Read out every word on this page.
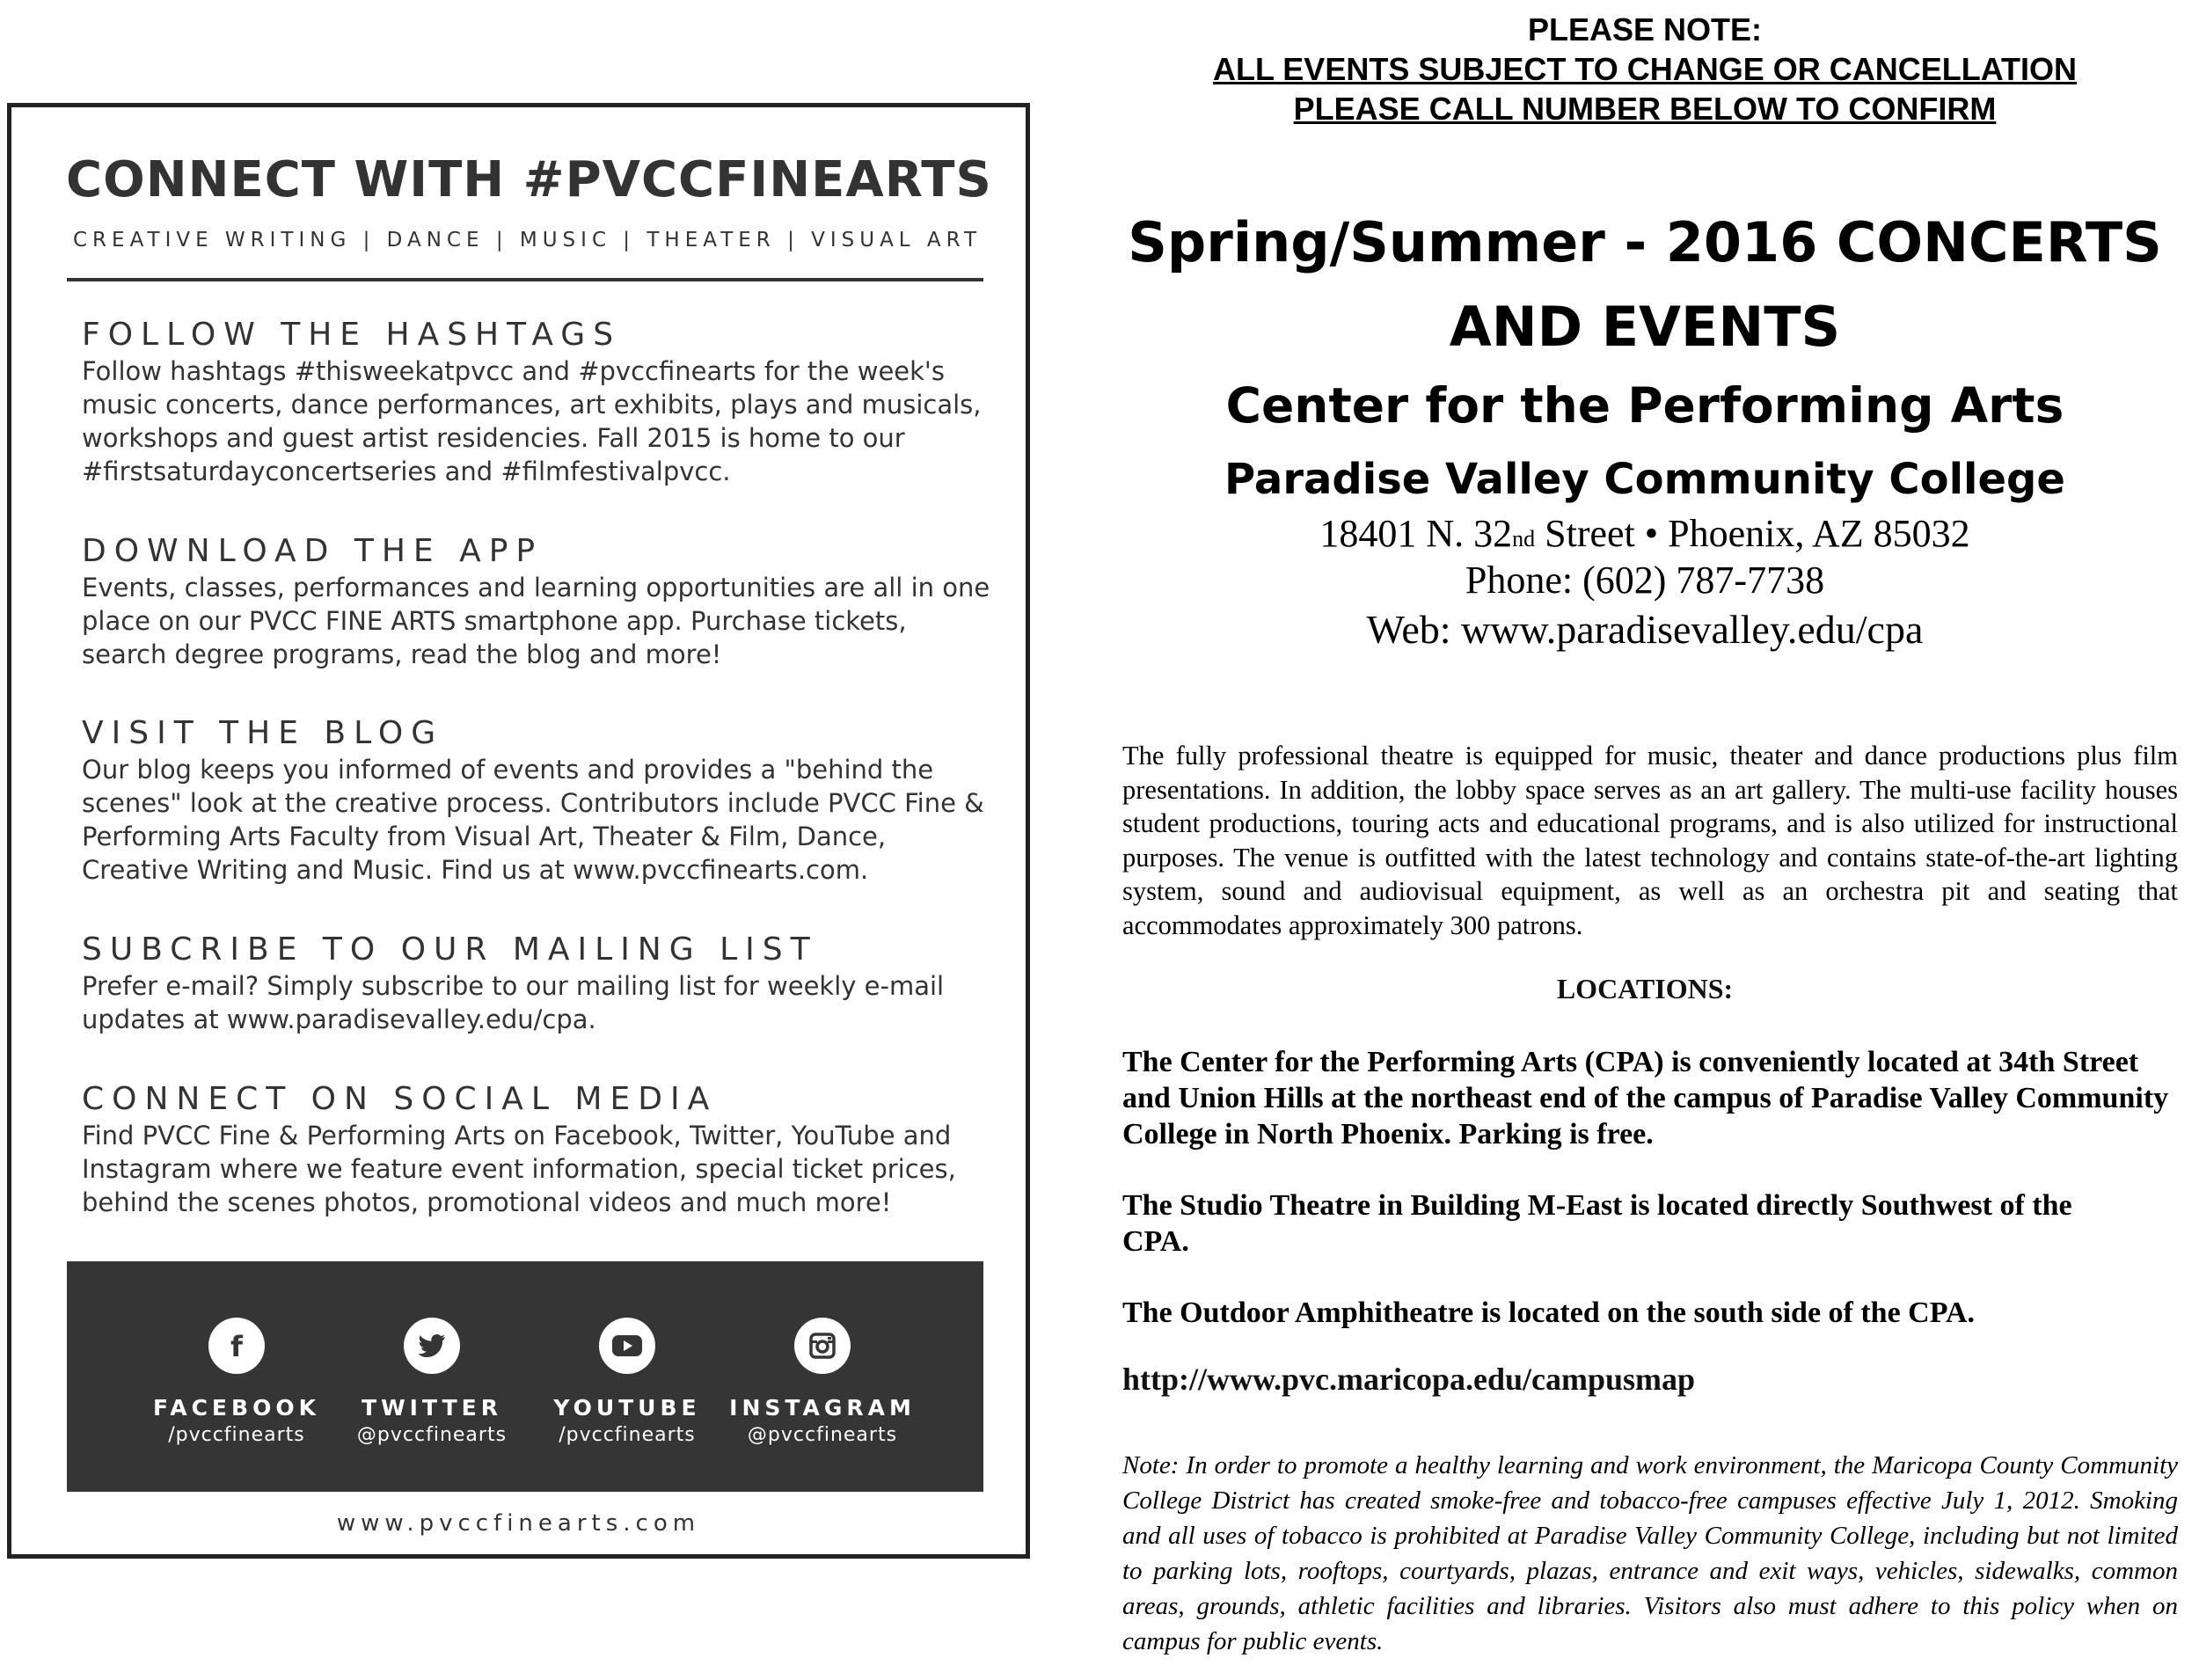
CONNECT WITH #PVCCFINEARTS
CREATIVE WRITING | DANCE | MUSIC | THEATER | VISUAL ART
FOLLOW THE HASHTAGS
Follow hashtags #thisweekatpvcc and #pvccfinearts for the week's music concerts, dance performances, art exhibits, plays and musicals, workshops and guest artist residencies. Fall 2015 is home to our #firstsaturdayconcertseries and #filmfestivalpvcc.
DOWNLOAD THE APP
Events, classes, performances and learning opportunities are all in one place on our PVCC FINE ARTS smartphone app. Purchase tickets, search degree programs, read the blog and more!
VISIT THE BLOG
Our blog keeps you informed of events and provides a "behind the scenes" look at the creative process. Contributors include PVCC Fine & Performing Arts Faculty from Visual Art, Theater & Film, Dance, Creative Writing and Music. Find us at www.pvccfinearts.com.
SUBCRIBE TO OUR MAILING LIST
Prefer e-mail? Simply subscribe to our mailing list for weekly e-mail updates at www.paradisevalley.edu/cpa.
CONNECT ON SOCIAL MEDIA
Find PVCC Fine & Performing Arts on Facebook, Twitter, YouTube and Instagram where we feature event information, special ticket prices, behind the scenes photos, promotional videos and much more!
f
FACEBOOK
/pvccfinearts
TWITTER
@pvccfinearts
YOUTUBE
/pvccfinearts
INSTAGRAM
@pvccfinearts
www.pvccfinearts.com
PLEASE NOTE:
ALL EVENTS SUBJECT TO CHANGE OR CANCELLATION
PLEASE CALL NUMBER BELOW TO CONFIRM
Spring/Summer - 2016 CONCERTS
AND EVENTS
Center for the Performing Arts
Paradise Valley Community College
18401 N. 32nd Street • Phoenix, AZ 85032
Phone: (602) 787-7738
Web: www.paradisevalley.edu/cpa
The fully professional theatre is equipped for music, theater and dance productions plus film presentations. In addition, the lobby space serves as an art gallery. The multi-use facility houses student productions, touring acts and educational programs, and is also utilized for instructional purposes. The venue is outfitted with the latest technology and contains state-of-the-art lighting system, sound and audiovisual equipment, as well as an orchestra pit and seating that accommodates approximately 300 patrons.
LOCATIONS:
The Center for the Performing Arts (CPA) is conveniently located at 34th Street and Union Hills at the northeast end of the campus of Paradise Valley Community College in North Phoenix. Parking is free.
The Studio Theatre in Building M-East is located directly Southwest of the CPA.
The Outdoor Amphitheatre is located on the south side of the CPA.
http://www.pvc.maricopa.edu/campusmap
Note: In order to promote a healthy learning and work environment, the Maricopa County Community College District has created smoke-free and tobacco-free campuses effective July 1, 2012. Smoking and all uses of tobacco is prohibited at Paradise Valley Community College, including but not limited to parking lots, rooftops, courtyards, plazas, entrance and exit ways, vehicles, sidewalks, common areas, grounds, athletic facilities and libraries. Visitors also must adhere to this policy when on campus for public events.
